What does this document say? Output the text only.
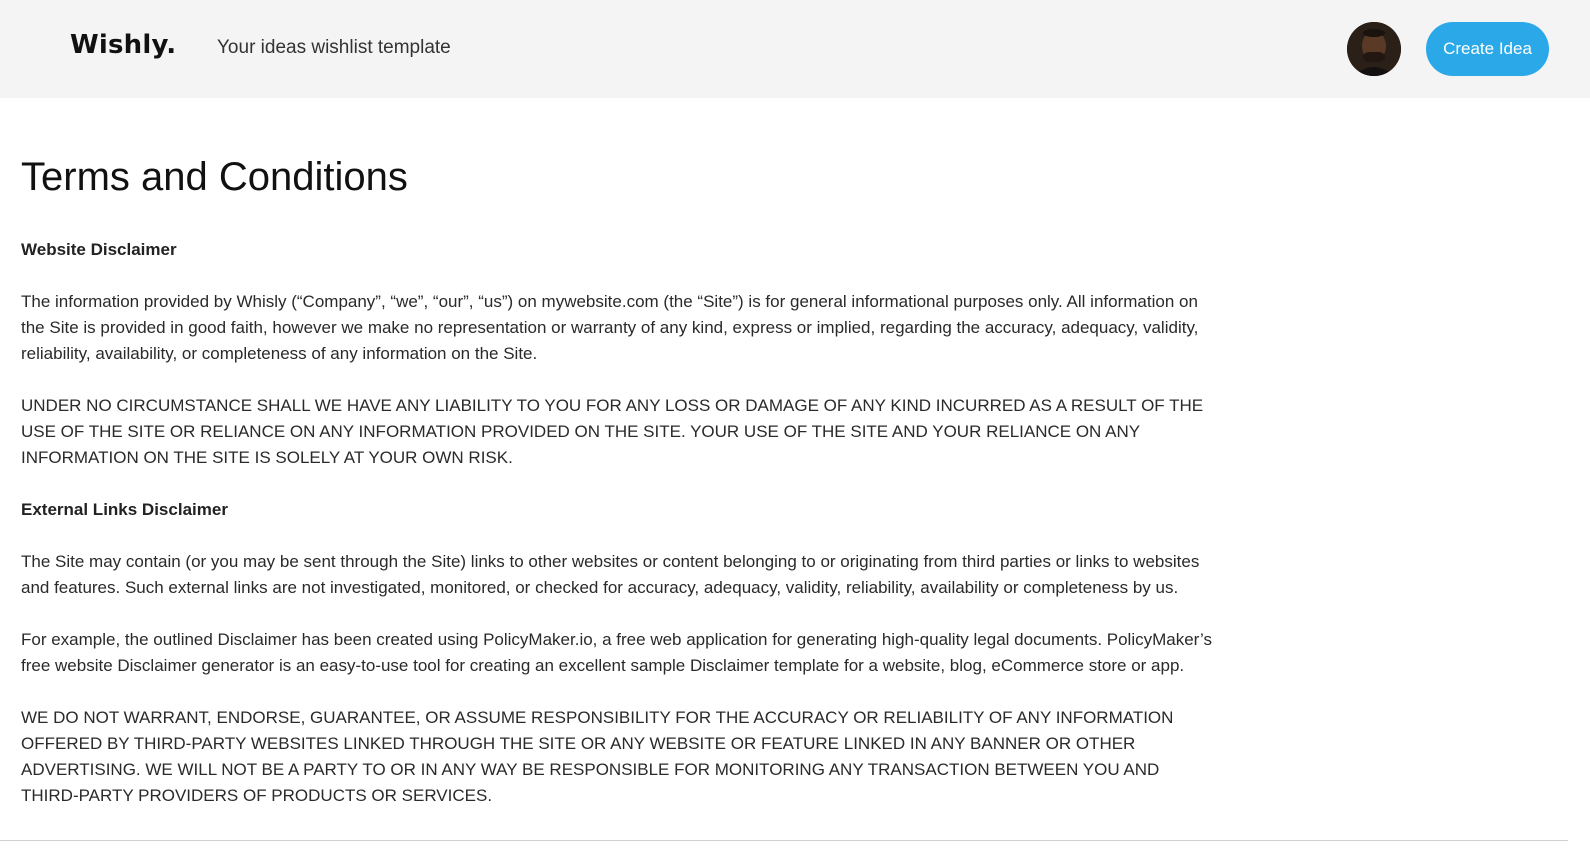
Wishly. Your ideas wishlist template	Create Idea
Terms and Conditions
Website Disclaimer

The information provided by Whisly (“Company”, “we”, “our”, “us”) on mywebsite.com (the “Site”) is for general informational purposes only. All information on the Site is provided in good faith, however we make no representation or warranty of any kind, express or implied, regarding the accuracy, adequacy, validity, reliability, availability, or completeness of any information on the Site.

UNDER NO CIRCUMSTANCE SHALL WE HAVE ANY LIABILITY TO YOU FOR ANY LOSS OR DAMAGE OF ANY KIND INCURRED AS A RESULT OF THE USE OF THE SITE OR RELIANCE ON ANY INFORMATION PROVIDED ON THE SITE. YOUR USE OF THE SITE AND YOUR RELIANCE ON ANY INFORMATION ON THE SITE IS SOLELY AT YOUR OWN RISK.

External Links Disclaimer

The Site may contain (or you may be sent through the Site) links to other websites or content belonging to or originating from third parties or links to websites and features. Such external links are not investigated, monitored, or checked for accuracy, adequacy, validity, reliability, availability or completeness by us.

For example, the outlined Disclaimer has been created using PolicyMaker.io, a free web application for generating high-quality legal documents. PolicyMaker’s free website Disclaimer generator is an easy-to-use tool for creating an excellent sample Disclaimer template for a website, blog, eCommerce store or app.

WE DO NOT WARRANT, ENDORSE, GUARANTEE, OR ASSUME RESPONSIBILITY FOR THE ACCURACY OR RELIABILITY OF ANY INFORMATION OFFERED BY THIRD-PARTY WEBSITES LINKED THROUGH THE SITE OR ANY WEBSITE OR FEATURE LINKED IN ANY BANNER OR OTHER ADVERTISING. WE WILL NOT BE A PARTY TO OR IN ANY WAY BE RESPONSIBLE FOR MONITORING ANY TRANSACTION BETWEEN YOU AND THIRD-PARTY PROVIDERS OF PRODUCTS OR SERVICES.
